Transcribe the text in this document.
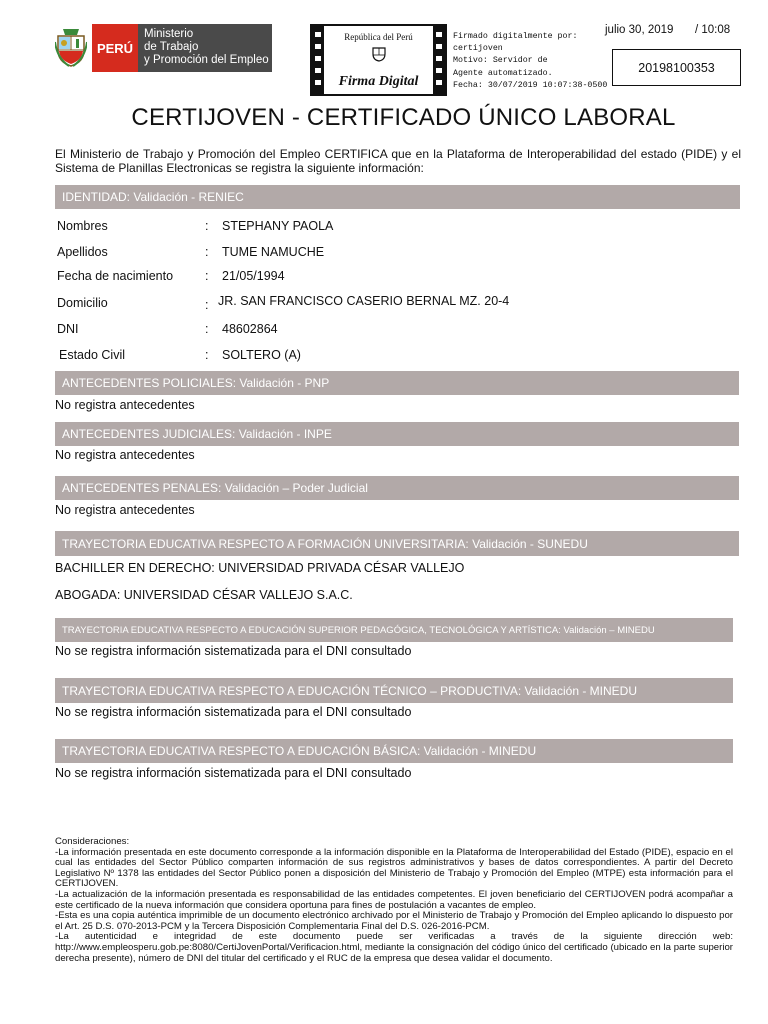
PERÚ
Ministerio
de Trabajo
y Promoción del Empleo
República del Perú
Firma Digital
Firmado digitalmente por:
certijoven
Motivo: Servidor de
Agente automatizado.
Fecha: 30/07/2019 10:07:38-0500
julio 30, 2019 / 10:08
20198100353
CERTIJOVEN - CERTIFICADO ÚNICO LABORAL
El Ministerio de Trabajo y Promoción del Empleo CERTIFICA que en la Plataforma de Interoperabilidad del estado (PIDE) y el Sistema de Planillas Electronicas se registra la siguiente información:
IDENTIDAD: Validación - RENIEC
Nombres	: STEPHANY PAOLA
Apellidos	: TUME NAMUCHE
Fecha de nacimiento	: 21/05/1994
Domicilio	: JR. SAN FRANCISCO CASERIO BERNAL MZ. 20-4
DNI	: 48602864
Estado Civil	: SOLTERO (A)
ANTECEDENTES POLICIALES: Validación - PNP
No registra antecedentes
ANTECEDENTES JUDICIALES: Validación - INPE
No registra antecedentes
ANTECEDENTES PENALES: Validación – Poder Judicial
No registra antecedentes
TRAYECTORIA EDUCATIVA RESPECTO A FORMACIÓN UNIVERSITARIA: Validación - SUNEDU
BACHILLER EN DERECHO: UNIVERSIDAD PRIVADA CÉSAR VALLEJO
ABOGADA: UNIVERSIDAD CÉSAR VALLEJO S.A.C.
TRAYECTORIA EDUCATIVA RESPECTO A EDUCACIÓN SUPERIOR PEDAGÓGICA, TECNOLÓGICA Y ARTÍSTICA: Validación – MINEDU
No se registra información sistematizada para el DNI consultado
TRAYECTORIA EDUCATIVA RESPECTO A EDUCACIÓN TÉCNICO – PRODUCTIVA: Validación - MINEDU
No se registra información sistematizada para el DNI consultado
TRAYECTORIA EDUCATIVA RESPECTO A EDUCACIÓN BÁSICA: Validación - MINEDU
No se registra información sistematizada para el DNI consultado
Consideraciones:
-La información presentada en este documento corresponde a la información disponible en la Plataforma de Interoperabilidad del Estado (PIDE), espacio en el cual las entidades del Sector Público comparten información de sus registros administrativos y bases de datos correspondientes. A partir del Decreto Legislativo Nº 1378 las entidades del Sector Público ponen a disposición del Ministerio de Trabajo y Promoción del Empleo (MTPE) esta información para el CERTIJOVEN.
-La actualización de la información presentada es responsabilidad de las entidades competentes. El joven beneficiario del CERTIJOVEN podrá acompañar a este certificado de la nueva información que considera oportuna para fines de postulación a vacantes de empleo.
-Esta es una copia auténtica imprimible de un documento electrónico archivado por el Ministerio de Trabajo y Promoción del Empleo aplicando lo dispuesto por el Art. 25 D.S. 070-2013-PCM y la Tercera Disposición Complementaria Final del D.S. 026-2016-PCM.
-La autenticidad e integridad de este documento puede ser verificadas a través de la siguiente dirección web: http://www.empleosperu.gob.pe:8080/CertiJovenPortal/Verificacion.html, mediante la consignación del código único del certificado (ubicado en la parte superior derecha presente), número de DNI del titular del certificado y el RUC de la empresa que desea validar el documento.
